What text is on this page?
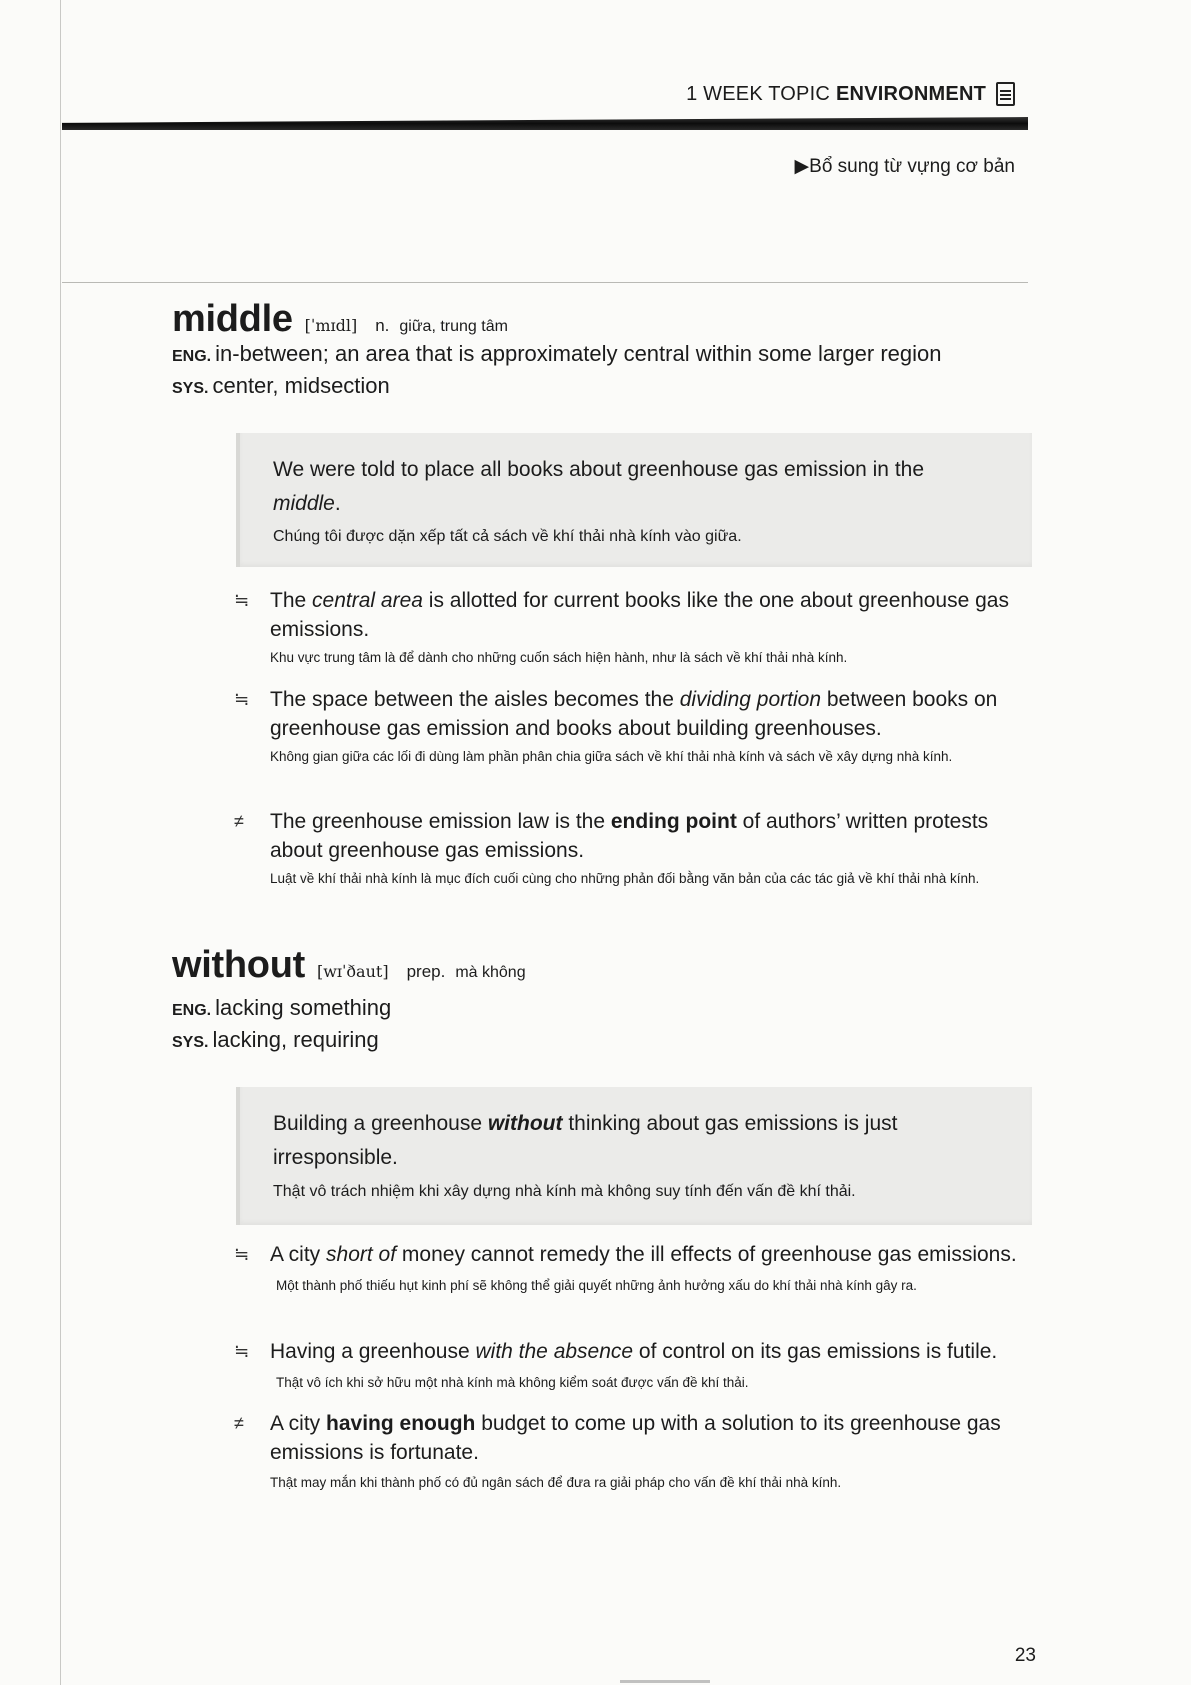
1 WEEK TOPIC ENVIRONMENT
▶Bổ sung từ vựng cơ bản
middle [ˈmɪdl] n. giữa, trung tâm
ENG. in-between; an area that is approximately central within some larger region
SYS. center, midsection
We were told to place all books about greenhouse gas emission in the middle.
Chúng tôi được dặn xếp tất cả sách về khí thải nhà kính vào giữa.
≒ The central area is allotted for current books like the one about greenhouse gas emissions.
Khu vực trung tâm là để dành cho những cuốn sách hiện hành, như là sách về khí thải nhà kính.
≒ The space between the aisles becomes the dividing portion between books on greenhouse gas emission and books about building greenhouses.
Không gian giữa các lối đi dùng làm phần phân chia giữa sách về khí thải nhà kính và sách về xây dựng nhà kính.
≠ The greenhouse emission law is the ending point of authors’ written protests about greenhouse gas emissions.
Luật về khí thải nhà kính là mục đích cuối cùng cho những phản đối bằng văn bản của các tác giả về khí thải nhà kính.
without [wɪˈðaut] prep. mà không
ENG. lacking something
SYS. lacking, requiring
Building a greenhouse without thinking about gas emissions is just irresponsible.
Thật vô trách nhiệm khi xây dựng nhà kính mà không suy tính đến vấn đề khí thải.
≒ A city short of money cannot remedy the ill effects of greenhouse gas emissions. Một thành phố thiếu hụt kinh phí sẽ không thể giải quyết những ảnh hưởng xấu do khí thải nhà kính gây ra.
≒ Having a greenhouse with the absence of control on its gas emissions is futile. Thật vô ích khi sở hữu một nhà kính mà không kiểm soát được vấn đề khí thải.
≠ A city having enough budget to come up with a solution to its greenhouse gas emissions is fortunate.
Thật may mắn khi thành phố có đủ ngân sách để đưa ra giải pháp cho vấn đề khí thải nhà kính.
23
